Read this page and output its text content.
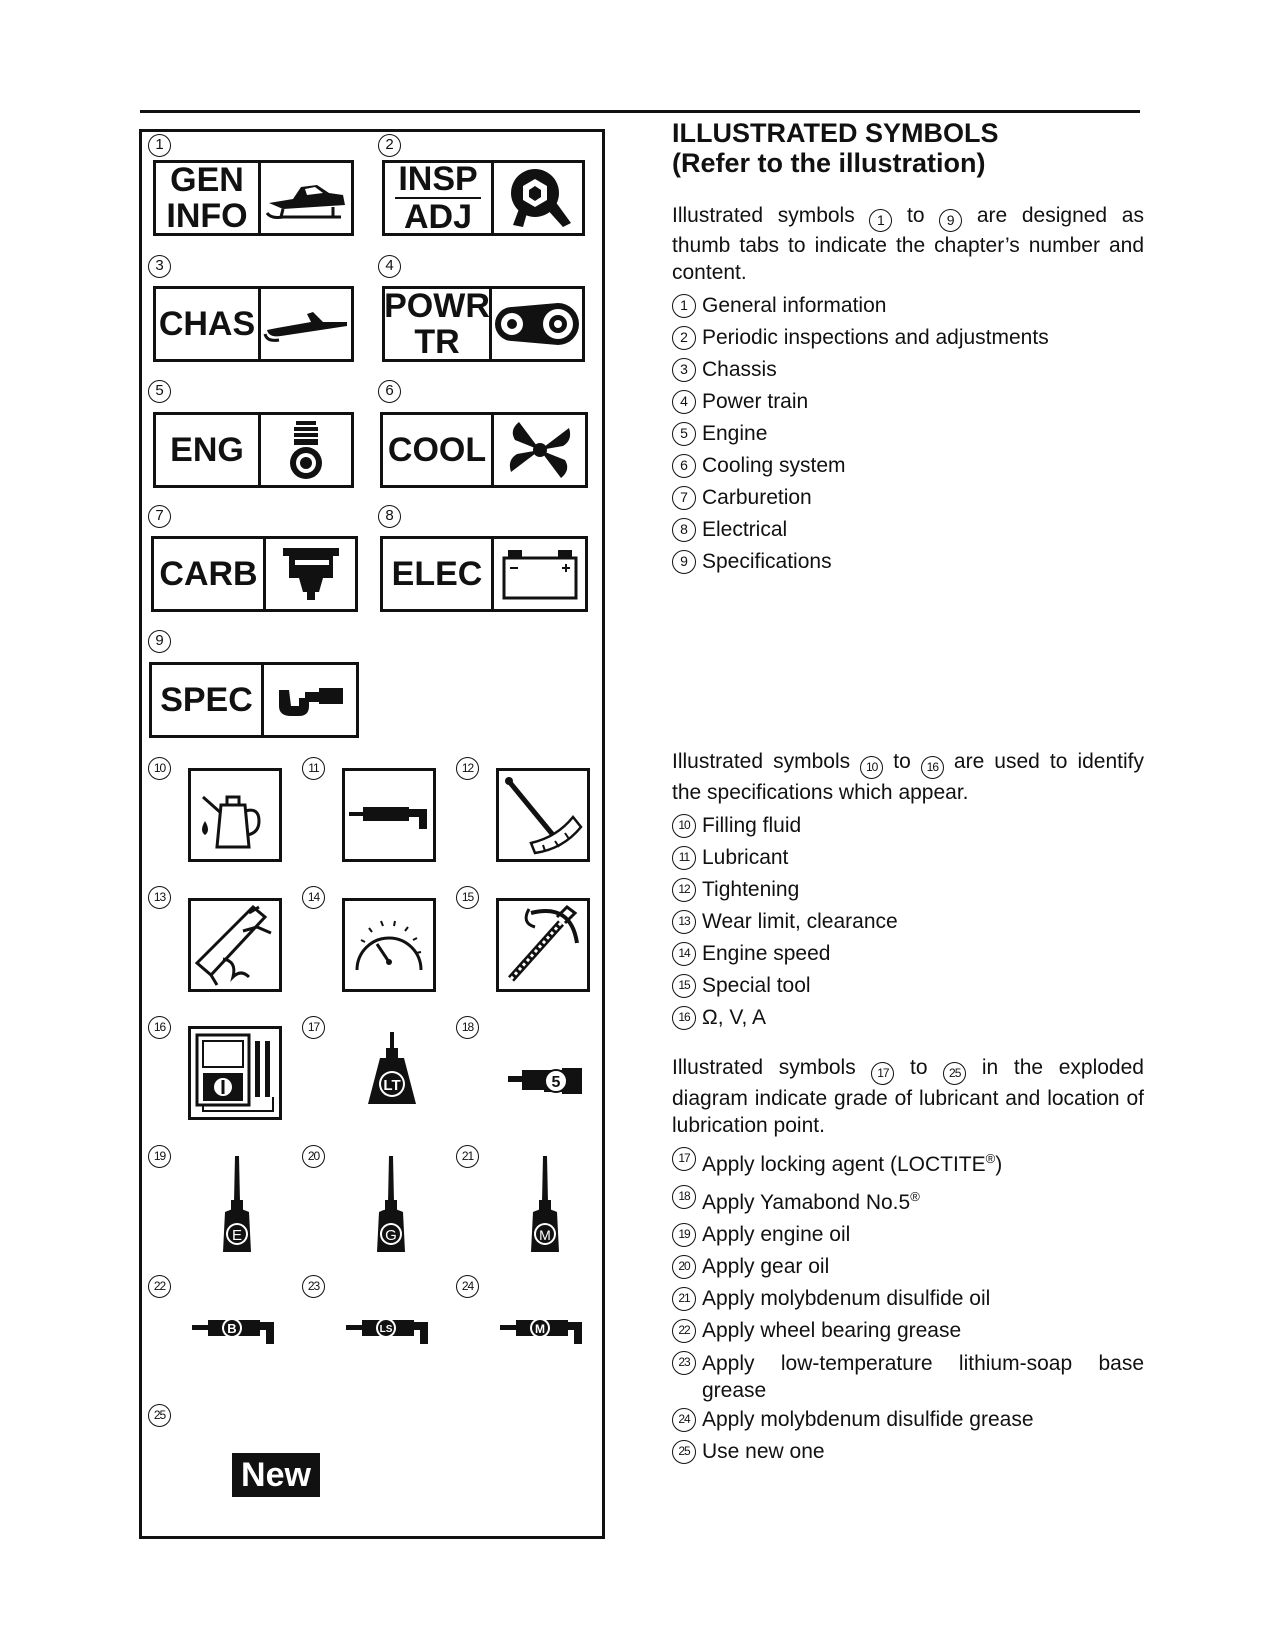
1	2
3	4
5	6
7	8
9
GEN
INFO
INSP
ADJ
CHAS	POWR
TR
ENG	COOL
CARB	ELEC
SPEC
10	11	12
13	14	15
16	17	18
19	20	21
22	23	24
25
LT	5
E	G	M
B	LS	M
New
ILLUSTRATED SYMBOLS
(Refer to the illustration)

Illustrated symbols 1 to 9 are designed as thumb tabs to indicate the chapter’s number and content.

1 General information
2 Periodic inspections and adjustments
3 Chassis
4 Power train
5 Engine
6 Cooling system
7 Carburetion
8 Electrical
9 Specifications

Illustrated symbols 10 to 16 are used to identify the specifications which appear.

10 Filling fluid
11 Lubricant
12 Tightening
13 Wear limit, clearance
14 Engine speed
15 Special tool
16 Ω, V, A

Illustrated symbols 17 to 25 in the exploded diagram indicate grade of lubricant and location of lubrication point.

17 Apply locking agent (LOCTITE®)
18 Apply Yamabond No.5®
19 Apply engine oil
20 Apply gear oil
21 Apply molybdenum disulfide oil
22 Apply wheel bearing grease
23 Apply low-temperature lithium-soap base grease
24 Apply molybdenum disulfide grease
25 Use new one
